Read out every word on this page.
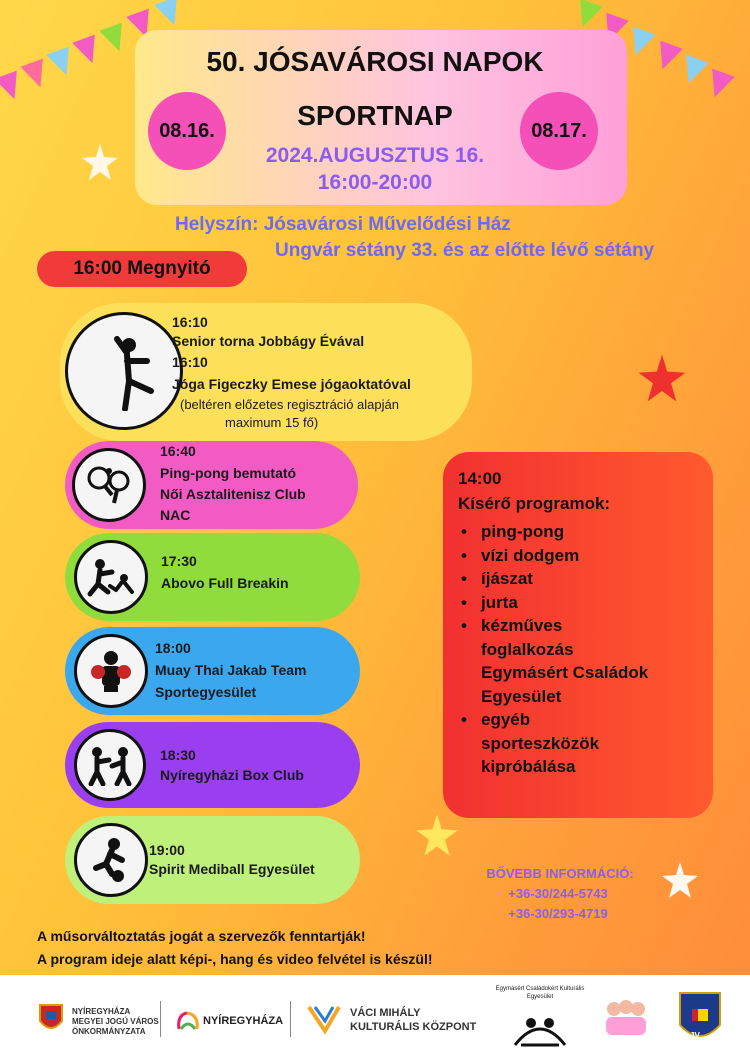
50. JÓSAVÁROSI NAPOK
SPORTNAP
08.16.	08.17.
2024.AUGUSZTUS 16.
16:00-20:00
Helyszín: Jósavárosi Művelődési Ház
Ungvár sétány 33. és az előtte lévő sétány
16:00 Megnyitó
16:10
Senior torna Jobbágy Évával
16:10
Jóga Figeczky Emese jógaoktatóval
(beltéren előzetes regisztráció alapján
maximum 15 fő)
16:40
Ping-pong bemutató
Női Asztalitenisz Club
NAC
17:30
Abovo Full Breakin
18:00
Muay Thai Jakab Team
Sportegyesület
18:30
Nyíregyházi Box Club
19:00
Spirit Mediball Egyesület
14:00
Kísérő programok:
• ping-pong
• vízi dodgem
• íjászat
• jurta
• kézműves
foglalkozás
Egymásért Családok
Egyesület
• egyéb
sporteszközök
kipróbálása
BŐVEBB INFORMÁCIÓ:
+36-30/244-5743
+36-30/293-4719
A műsorváltoztatás jogát a szervezők fenntartják!
A program ideje alatt képi-, hang és video felvétel is készül!
NYÍREGYHÁZA
MEGYEI JOGÚ VÁROS
ÖNKORMÁNYZATA
NYÍREGYHÁZA
VÁCI MIHÁLY
KULTURÁLIS KÖZPONT
Egymásért Családokért Kulturális Egyesület
JV
